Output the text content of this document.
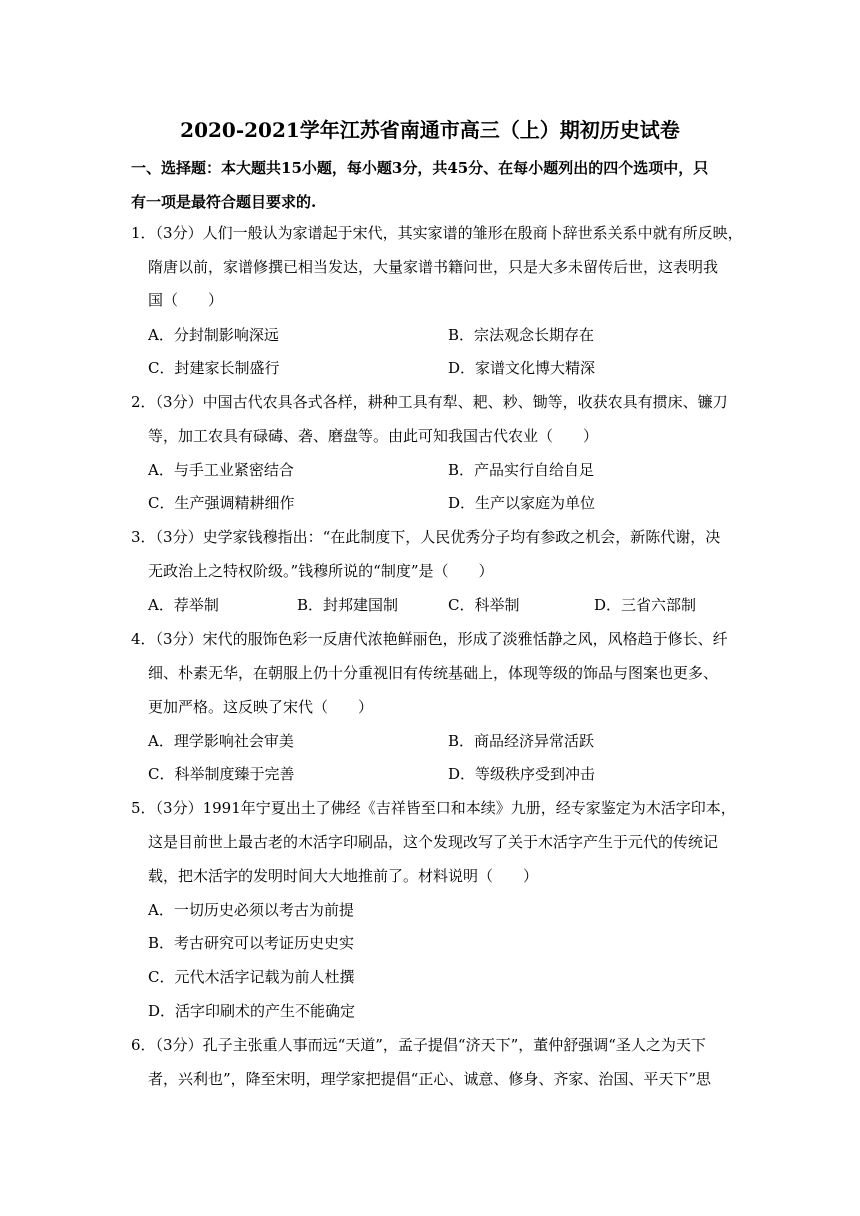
2020-2021学年江苏省南通市高三（上）期初历史试卷
一、选择题：本大题共15小题，每小题3分，共45分、在每小题列出的四个选项中，只
有一项是最符合题目要求的.
1．（3分）人们一般认为家谱起于宋代，其实家谱的雏形在殷商卜辞世系关系中就有所反映，
隋唐以前，家谱修撰已相当发达，大量家谱书籍问世，只是大多未留传后世，这表明我
国（　　）
A．分封制影响深远	B．宗法观念长期存在
C．封建家长制盛行	D．家谱文化博大精深
2．（3分）中国古代农具各式各样，耕种工具有犁、耙、耖、锄等，收获农具有掼床、镰刀
等，加工农具有碌碡、砻、磨盘等。由此可知我国古代农业（　　）
A．与手工业紧密结合	B．产品实行自给自足
C．生产强调精耕细作	D．生产以家庭为单位
3．（3分）史学家钱穆指出：“在此制度下，人民优秀分子均有参政之机会，新陈代谢，决
无政治上之特权阶级。”钱穆所说的“制度”是（　　）
A．荐举制	B．封邦建国制	C．科举制	D．三省六部制
4．（3分）宋代的服饰色彩一反唐代浓艳鲜丽色，形成了淡雅恬静之风，风格趋于修长、纤
细、朴素无华，在朝服上仍十分重视旧有传统基础上，体现等级的饰品与图案也更多、
更加严格。这反映了宋代（　　）
A．理学影响社会审美	B．商品经济异常活跃
C．科举制度臻于完善	D．等级秩序受到冲击
5．（3分）1991年宁夏出土了佛经《吉祥皆至口和本续》九册，经专家鉴定为木活字印本，
这是目前世上最古老的木活字印刷品，这个发现改写了关于木活字产生于元代的传统记
载，把木活字的发明时间大大地推前了。材料说明（　　）
A．一切历史必须以考古为前提
B．考古研究可以考证历史史实
C．元代木活字记载为前人杜撰
D．活字印刷术的产生不能确定
6．（3分）孔子主张重人事而远“天道”，孟子提倡“济天下”，董仲舒强调“圣人之为天下
者，兴利也”，降至宋明，理学家把提倡“正心、诚意、修身、齐家、治国、平天下”思
